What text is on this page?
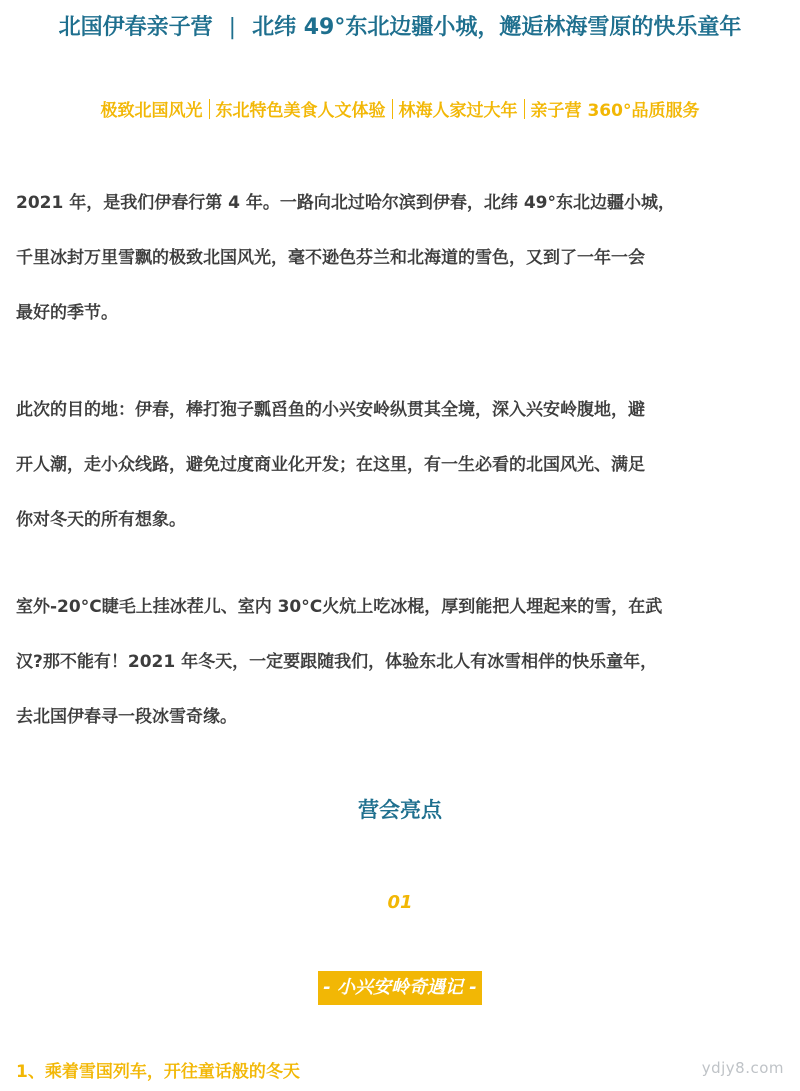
北国伊春亲子营 | 北纬 49°东北边疆小城，邂逅林海雪原的快乐童年
极致北国风光 东北特色美食人文体验 林海人家过大年 亲子营 360°品质服务

2021 年，是我们伊春行第 4 年。一路向北过哈尔滨到伊春，北纬 49°东北边疆小城，
千里冰封万里雪飘的极致北国风光，毫不逊色芬兰和北海道的雪色，又到了一年一会
最好的季节。

此次的目的地：伊春，棒打狍子瓢舀鱼的小兴安岭纵贯其全境，深入兴安岭腹地，避
开人潮，走小众线路，避免过度商业化开发；在这里，有一生必看的北国风光、满足
你对冬天的所有想象。

室外-20°C睫毛上挂冰茬儿、室内 30°C火炕上吃冰棍，厚到能把人埋起来的雪，在武
汉?那不能有！2021 年冬天，一定要跟随我们，体验东北人有冰雪相伴的快乐童年，
去北国伊春寻一段冰雪奇缘。

营会亮点
01
- 小兴安岭奇遇记 -
1、乘着雪国列车，开往童话般的冬天	ydjy8.com
